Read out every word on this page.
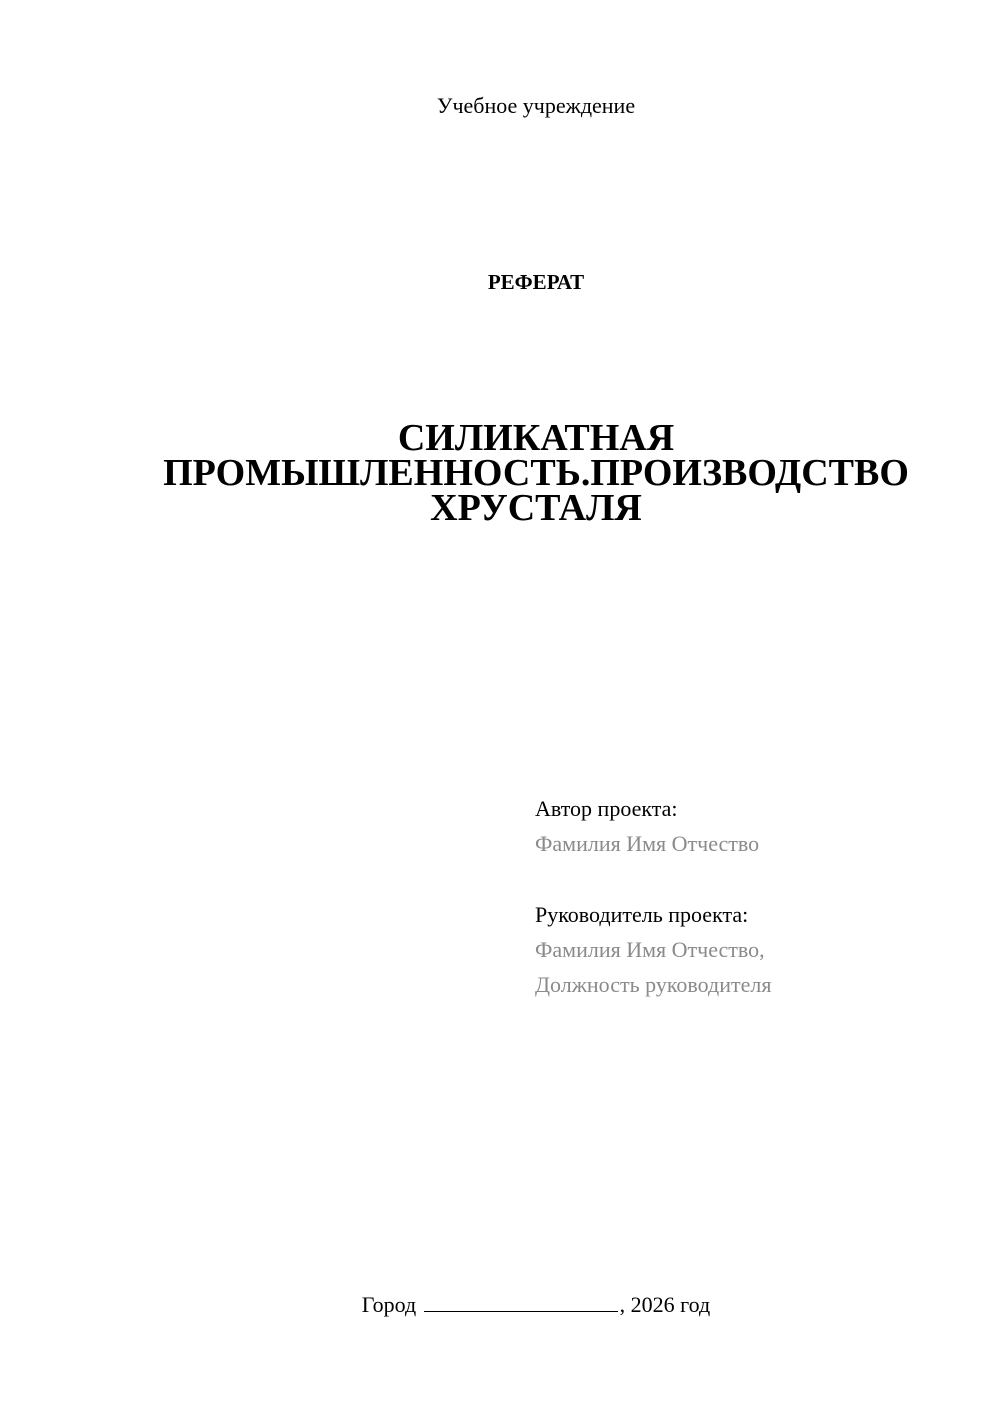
Учебное учреждение
РЕФЕРАТ
СИЛИКАТНАЯ
ПРОМЫШЛЕННОСТЬ.ПРОИЗВОДСТВО
ХРУСТАЛЯ
Автор проекта:
Фамилия Имя Отчество
Руководитель проекта:
Фамилия Имя Отчество,
Должность руководителя
Город	, 2026 год
